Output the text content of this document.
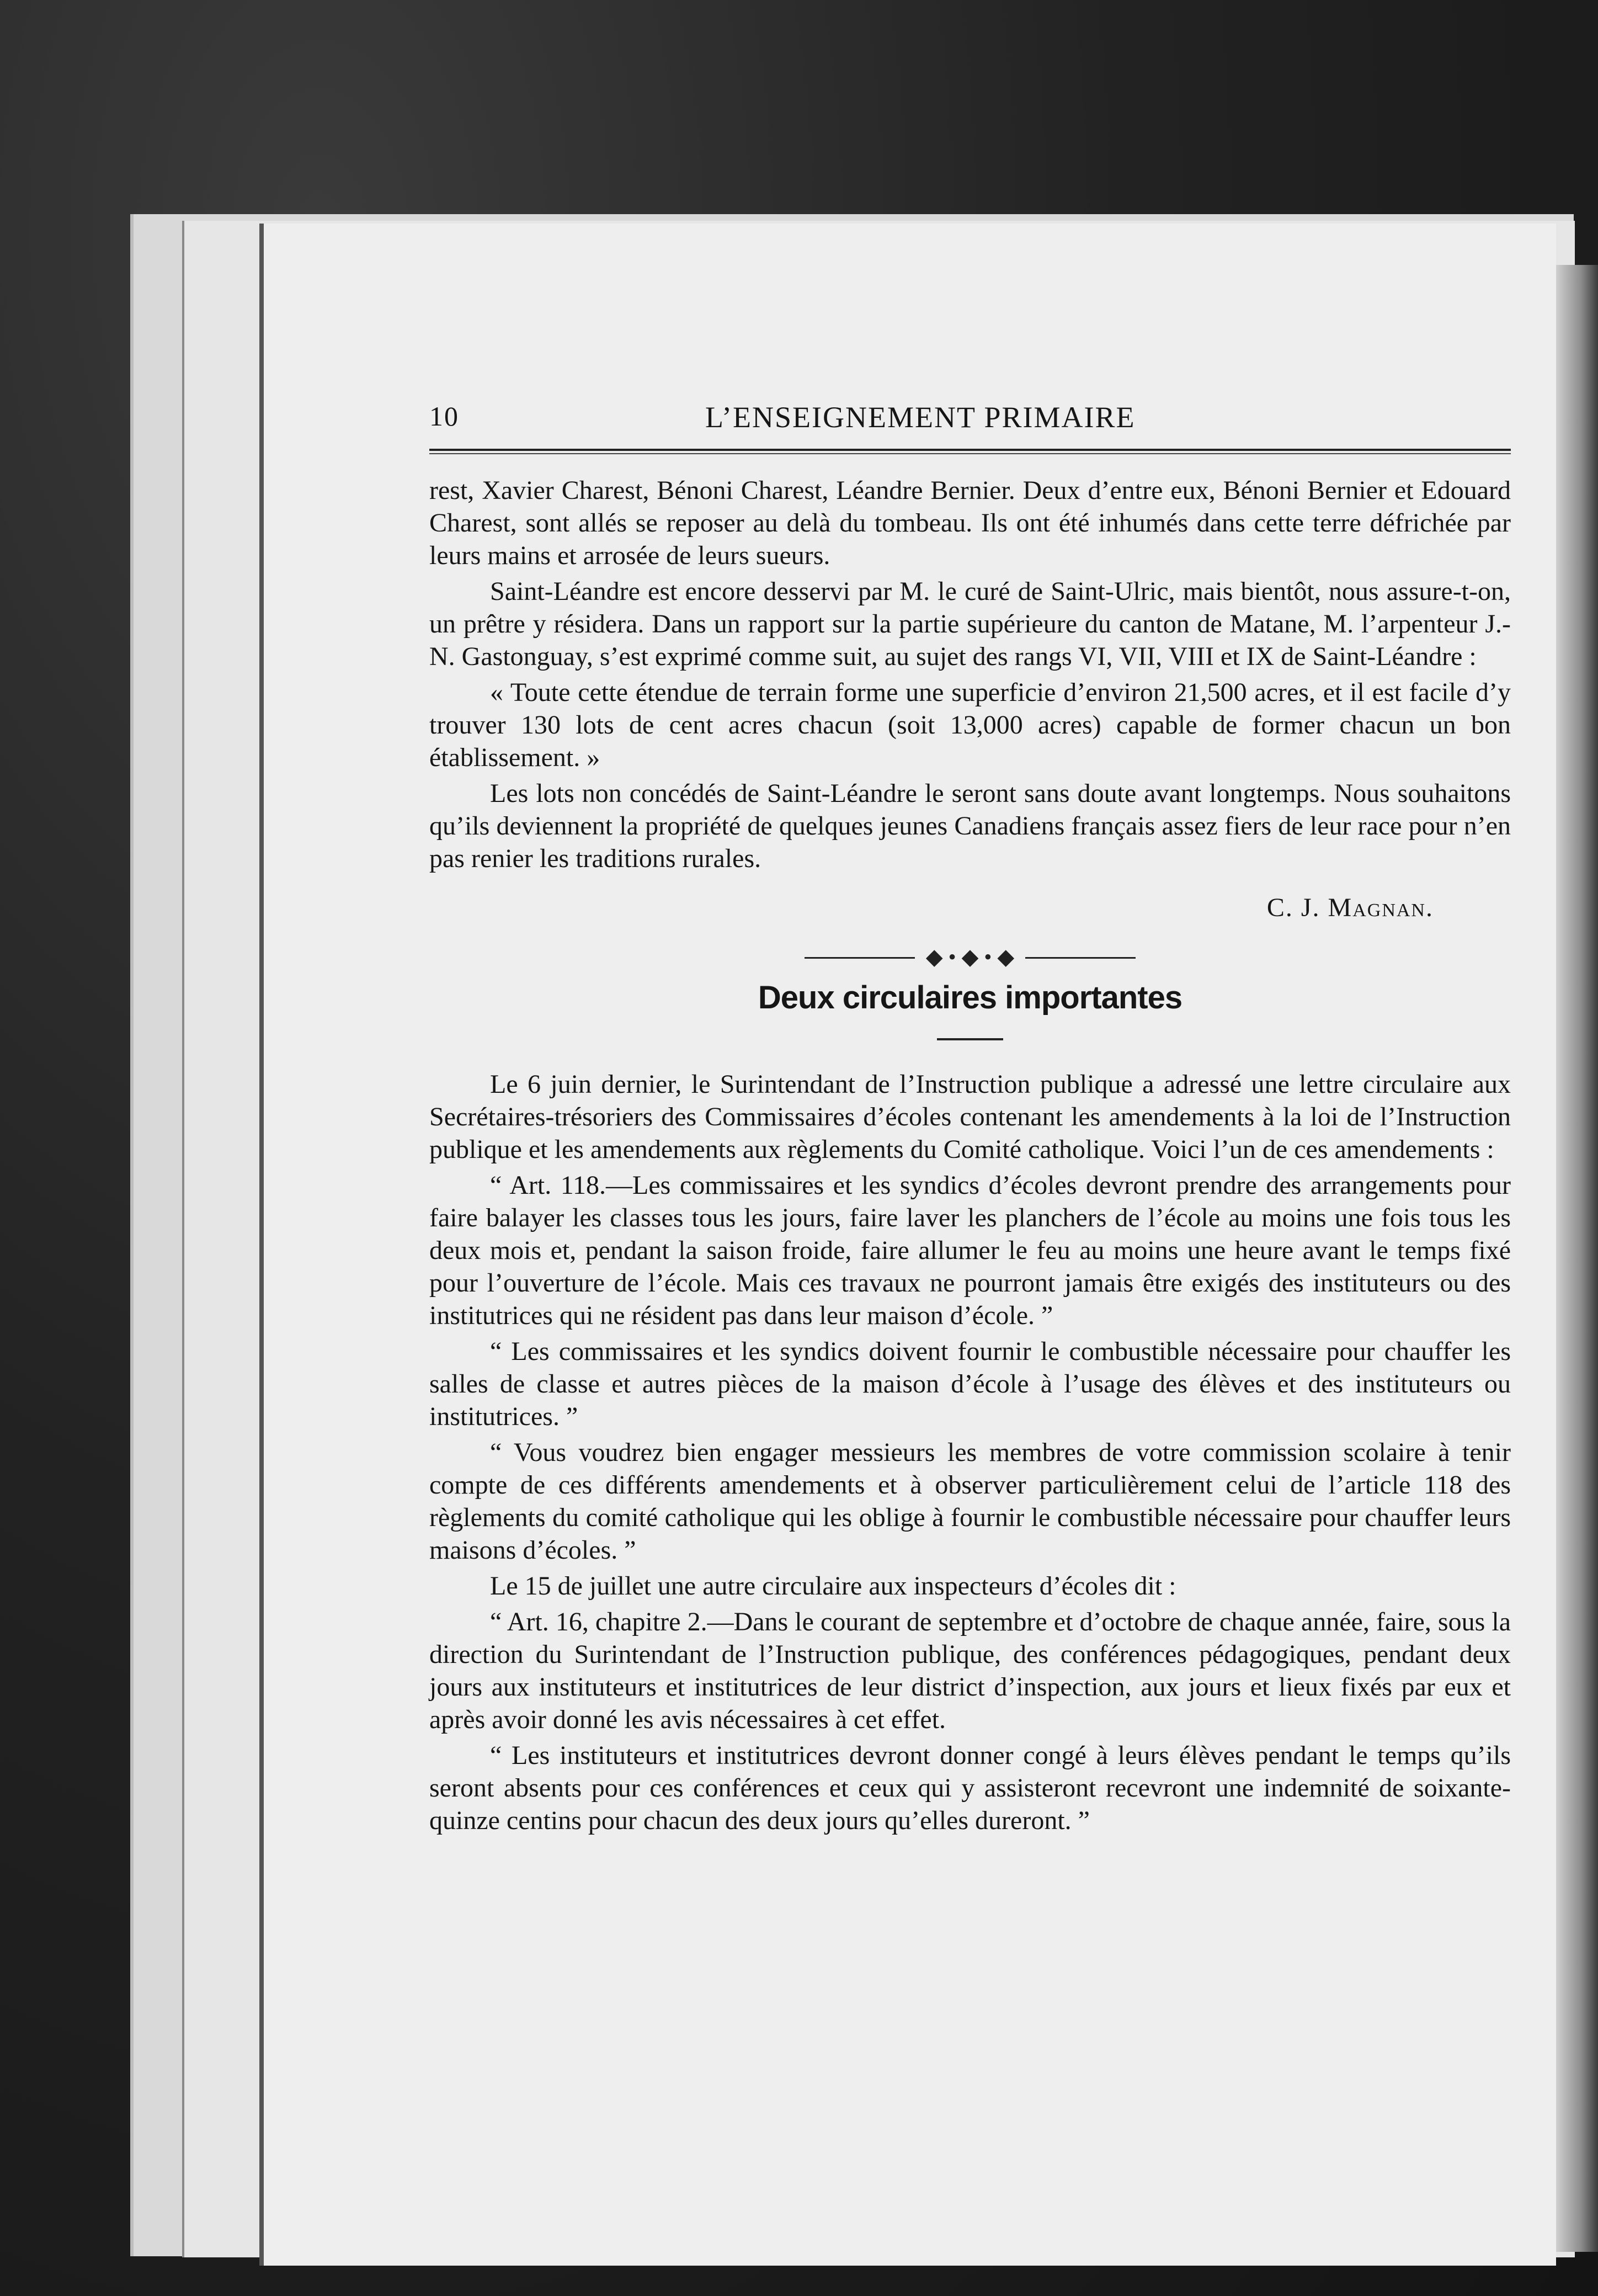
10	L’ENSEIGNEMENT PRIMAIRE

rest, Xavier Charest, Bénoni Charest, Léandre Bernier. Deux d’entre eux, Bénoni Bernier et Edouard Charest, sont allés se reposer au delà du tombeau. Ils ont été inhumés dans cette terre défrichée par leurs mains et arrosée de leurs sueurs.

Saint-Léandre est encore desservi par M. le curé de Saint-Ulric, mais bientôt, nous assure-t-on, un prêtre y résidera. Dans un rapport sur la partie supérieure du canton de Matane, M. l’arpenteur J.-N. Gastonguay, s’est exprimé comme suit, au sujet des rangs VI, VII, VIII et IX de Saint-Léandre :

« Toute cette étendue de terrain forme une superficie d’environ 21,500 acres, et il est facile d’y trouver 130 lots de cent acres chacun (soit 13,000 acres) capable de former chacun un bon établissement. »

Les lots non concédés de Saint-Léandre le seront sans doute avant longtemps. Nous souhaitons qu’ils deviennent la propriété de quelques jeunes Canadiens français assez fiers de leur race pour n’en pas renier les traditions rurales.

C. J. Magnan.
◆ • ◆ • ◆
Deux circulaires importantes

Le 6 juin dernier, le Surintendant de l’Instruction publique a adressé une lettre circulaire aux Secrétaires-trésoriers des Commissaires d’écoles contenant les amendements à la loi de l’Instruction publique et les amendements aux règlements du Comité catholique. Voici l’un de ces amendements :

“ Art. 118.—Les commissaires et les syndics d’écoles devront prendre des arrangements pour faire balayer les classes tous les jours, faire laver les planchers de l’école au moins une fois tous les deux mois et, pendant la saison froide, faire allumer le feu au moins une heure avant le temps fixé pour l’ouverture de l’école. Mais ces travaux ne pourront jamais être exigés des instituteurs ou des institutrices qui ne résident pas dans leur maison d’école. ”

“ Les commissaires et les syndics doivent fournir le combustible nécessaire pour chauffer les salles de classe et autres pièces de la maison d’école à l’usage des élèves et des instituteurs ou institutrices. ”

“ Vous voudrez bien engager messieurs les membres de votre commission scolaire à tenir compte de ces différents amendements et à observer particulièrement celui de l’article 118 des règlements du comité catholique qui les oblige à fournir le combustible nécessaire pour chauffer leurs maisons d’écoles. ”

Le 15 de juillet une autre circulaire aux inspecteurs d’écoles dit :

“ Art. 16, chapitre 2.—Dans le courant de septembre et d’octobre de chaque année, faire, sous la direction du Surintendant de l’Instruction publique, des conférences pédagogiques, pendant deux jours aux instituteurs et institutrices de leur district d’inspection, aux jours et lieux fixés par eux et après avoir donné les avis nécessaires à cet effet.

“ Les instituteurs et institutrices devront donner congé à leurs élèves pendant le temps qu’ils seront absents pour ces conférences et ceux qui y assisteront recevront une indemnité de soixante-quinze centins pour chacun des deux jours qu’elles dureront. ”
